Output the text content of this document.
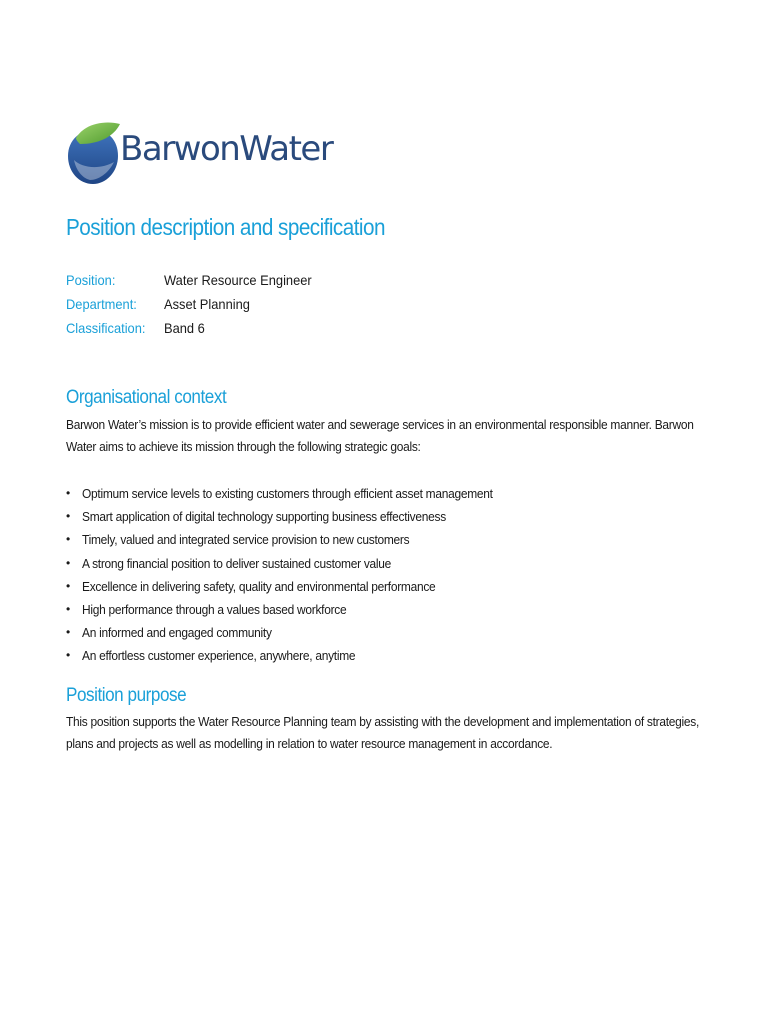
BarwonWater
Position description and specification
Position:	Water Resource Engineer
Department:	Asset Planning
Classification:	Band 6
Organisational context
Barwon Water’s mission is to provide efficient water and sewerage services in an environmental responsible manner. Barwon Water aims to achieve its mission through the following strategic goals:
• Optimum service levels to existing customers through efficient asset management
• Smart application of digital technology supporting business effectiveness
• Timely, valued and integrated service provision to new customers
• A strong financial position to deliver sustained customer value
• Excellence in delivering safety, quality and environmental performance
• High performance through a values based workforce
• An informed and engaged community
• An effortless customer experience, anywhere, anytime
Position purpose
This position supports the Water Resource Planning team by assisting with the development and implementation of strategies, plans and projects as well as modelling in relation to water resource management in accordance.
